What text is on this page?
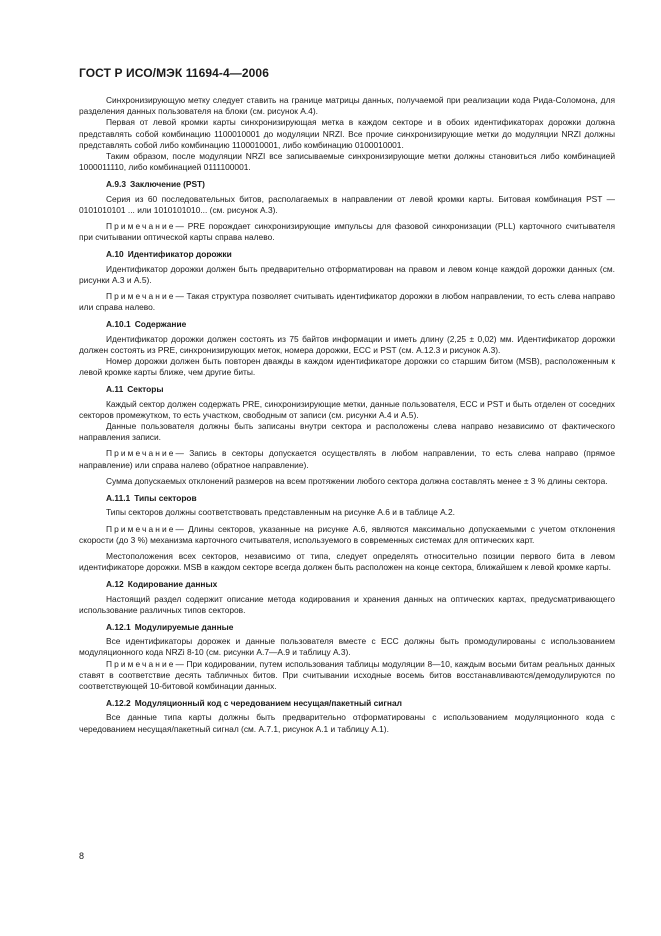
ГОСТ Р ИСО/МЭК 11694-4—2006

Синхронизирующую метку следует ставить на границе матрицы данных, получаемой при реализации кода Рида-Соломона, для разделения данных пользователя на блоки (см. рисунок А.4).

Первая от левой кромки карты синхронизирующая метка в каждом секторе и в обоих идентификаторах дорожки должна представлять собой комбинацию 1100010001 до модуляции NRZI. Все прочие синхронизирующие метки до модуляции NRZI должны представлять собой либо комбинацию 1100010001, либо комбинацию 0100010001.

Таким образом, после модуляции NRZI все записываемые синхронизирующие метки должны становиться либо комбинацией 1000011110, либо комбинацией 0111100001.

А.9.3 Заключение (PST)

Серия из 60 последовательных битов, располагаемых в направлении от левой кромки карты. Битовая комбинация PST — 0101010101 ... или 1010101010... (см. рисунок А.3).

Примечание— PRE порождает синхронизирующие импульсы для фазовой синхронизации (PLL) карточного считывателя при считывании оптической карты справа налево.

А.10 Идентификатор дорожки

Идентификатор дорожки должен быть предварительно отформатирован на правом и левом конце каждой дорожки данных (см. рисунки А.3 и А.5).

Примечание— Такая структура позволяет считывать идентификатор дорожки в любом направлении, то есть слева направо или справа налево.

А.10.1 Содержание

Идентификатор дорожки должен состоять из 75 байтов информации и иметь длину (2,25 ± 0,02) мм. Идентификатор дорожки должен состоять из PRE, синхронизирующих меток, номера дорожки, ECC и PST (см. А.12.3 и рисунок А.3).

Номер дорожки должен быть повторен дважды в каждом идентификаторе дорожки со старшим битом (MSB), расположенным к левой кромке карты ближе, чем другие биты.

А.11 Секторы

Каждый сектор должен содержать PRE, синхронизирующие метки, данные пользователя, ECC и PST и быть отделен от соседних секторов промежутком, то есть участком, свободным от записи (см. рисунки А.4 и А.5).

Данные пользователя должны быть записаны внутри сектора и расположены слева направо независимо от фактического направления записи.

Примечание— Запись в секторы допускается осуществлять в любом направлении, то есть слева направо (прямое направление) или справа налево (обратное направление).

Сумма допускаемых отклонений размеров на всем протяжении любого сектора должна составлять менее ± 3 % длины сектора.

А.11.1 Типы секторов

Типы секторов должны соответствовать представленным на рисунке А.6 и в таблице А.2.

Примечание— Длины секторов, указанные на рисунке А.6, являются максимально допускаемыми с учетом отклонения скорости (до 3 %) механизма карточного считывателя, используемого в современных системах для оптических карт.

Местоположения всех секторов, независимо от типа, следует определять относительно позиции первого бита в левом идентификаторе дорожки. MSB в каждом секторе всегда должен быть расположен на конце сектора, ближайшем к левой кромке карты.

А.12 Кодирование данных

Настоящий раздел содержит описание метода кодирования и хранения данных на оптических картах, предусматривающего использование различных типов секторов.

А.12.1 Модулируемые данные

Все идентификаторы дорожек и данные пользователя вместе с ECC должны быть промодулированы с использованием модуляционного кода NRZi 8-10 (см. рисунки А.7—А.9 и таблицу А.3).

Примечание— При кодировании, путем использования таблицы модуляции 8—10, каждым восьми битам реальных данных ставят в соответствие десять табличных битов. При считывании исходные восемь битов восстанавливаются/демодулируются по соответствующей 10-битовой комбинации данных.

А.12.2 Модуляционный код с чередованием несущая/пакетный сигнал

Все данные типа карты должны быть предварительно отформатированы с использованием модуляционного кода с чередованием несущая/пакетный сигнал (см. А.7.1, рисунок А.1 и таблицу А.1).

8
